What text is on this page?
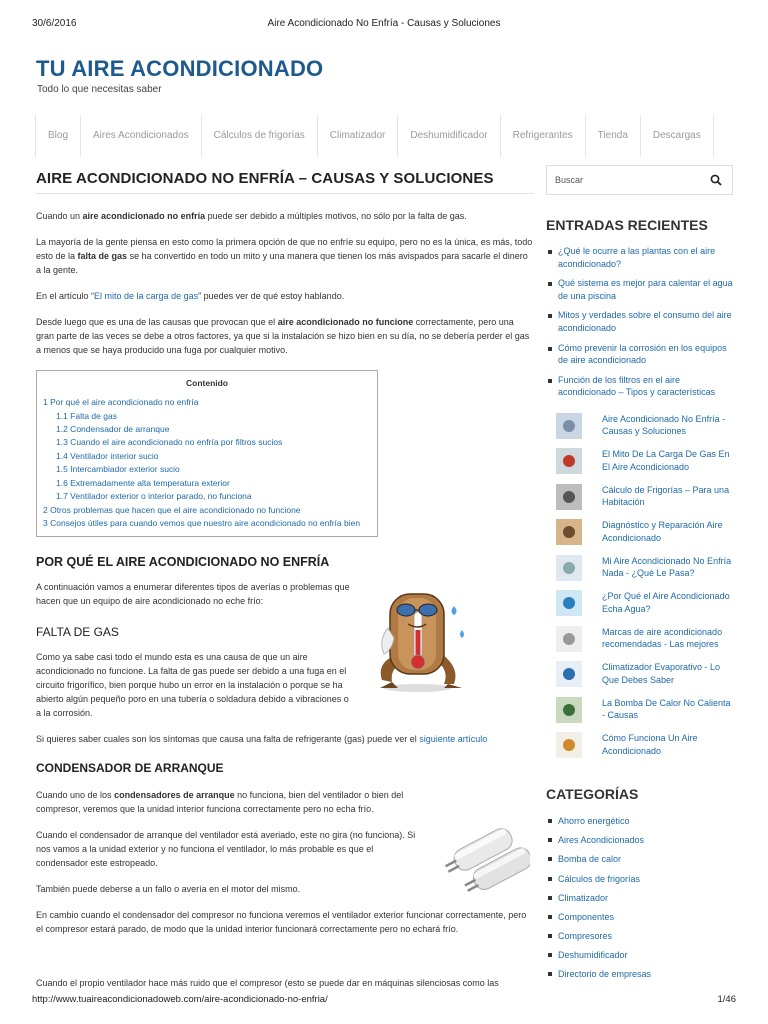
30/6/2016	Aire Acondicionado No Enfría - Causas y Soluciones
TU AIRE ACONDICIONADO
Todo lo que necesitas saber
Blog	Aires Acondicionados	Cálculos de frigorías	Climatizador	Deshumidificador	Refrigerantes	Tienda	Descargas
AIRE ACONDICIONADO NO ENFRÍA – CAUSAS Y SOLUCIONES

Cuando un aire acondicionado no enfría puede ser debido a múltiples motivos, no sólo por la falta de gas.

La mayoría de la gente piensa en esto como la primera opción de que no enfríe su equipo, pero no es la única, es más, todo esto de la falta de gas se ha convertido en todo un mito y una manera que tienen los más avispados para sacarle el dinero a la gente.

En el artículo “El mito de la carga de gas” puedes ver de qué estoy hablando.

Desde luego que es una de las causas que provocan que el aire acondicionado no funcione correctamente, pero una gran parte de las veces se debe a otros factores, ya que si la instalación se hizo bien en su día, no se debería perder el gas a menos que se haya producido una fuga por cualquier motivo.

Contenido
1 Por qué el aire acondicionado no enfría
1.1 Falta de gas
1.2 Condensador de arranque
1.3 Cuando el aire acondicionado no enfría por filtros sucios
1.4 Ventilador interior sucio
1.5 Intercambiador exterior sucio
1.6 Extremadamente alta temperatura exterior
1.7 Ventilador exterior o interior parado, no funciona
2 Otros problemas que hacen que el aire acondicionado no funcione
3 Consejos útiles para cuando vemos que nuestro aire acondicionado no enfría bien
POR QUÉ EL AIRE ACONDICIONADO NO ENFRÍA

A continuación vamos a enumerar diferentes tipos de averías o problemas que hacen que un equipo de aire acondicionado no eche frío:

FALTA DE GAS

Como ya sabe casi todo el mundo esta es una causa de que un aire acondicionado no funcione. La falta de gas puede ser debido a una fuga en el circuito frigorífico, bien porque hubo un error en la instalación o porque se ha abierto algún pequeño poro en una tubería o soldadura debido a vibraciones o a la corrosión.

Si quieres saber cuales son los síntomas que causa una falta de refrigerante (gas) puede ver el siguiente artículo

CONDENSADOR DE ARRANQUE

Cuando uno de los condensadores de arranque no funciona, bien del ventilador o bien del compresor, veremos que la unidad interior funciona correctamente pero no echa frío.

Cuando el condensador de arranque del ventilador está averiado, este no gira (no funciona). Si nos vamos a la unidad exterior y no funciona el ventilador, lo más probable es que el condensador este estropeado.

También puede deberse a un fallo o avería en el motor del mismo.

En cambio cuando el condensador del compresor no funciona veremos el ventilador exterior funcionar correctamente, pero el compresor estará parado, de modo que la unidad interior funcionará correctamente pero no echará frío.

Cuando el propio ventilador hace más ruido que el compresor (esto se puede dar en máquinas silenciosas como las
Buscar
ENTRADAS RECIENTES
¿Qué le ocurre a las plantas con el aire acondicionado?
Qué sistema es mejor para calentar el agua de una piscina
Mitos y verdades sobre el consumo del aire acondicionado
Cómo prevenir la corrosión en los equipos de aire acondicionado
Función de los filtros en el aire acondicionado – Tipos y características
Aire Acondicionado No Enfría - Causas y Soluciones
El Mito De La Carga De Gas En El Aire Acondicionado
Cálculo de Frigorías – Para una Habitación
Diagnóstico y Reparación Aire Acondicionado
Mi Aire Acondicionado No Enfría Nada - ¿Qué Le Pasa?
¿Por Qué el Aire Acondicionado Echa Agua?
Marcas de aire acondicionado recomendadas - Las mejores
Climatizador Evaporativo - Lo Que Debes Saber
La Bomba De Calor No Calienta - Causas
Cómo Funciona Un Aire Acondicionado
CATEGORÍAS
Ahorro energético
Aires Acondicionados
Bomba de calor
Cálculos de frigorías
Climatizador
Componentes
Compresores
Deshumidificador
Directorio de empresas
http://www.tuaireacondicionadoweb.com/aire-acondicionado-no-enfria/	1/46
